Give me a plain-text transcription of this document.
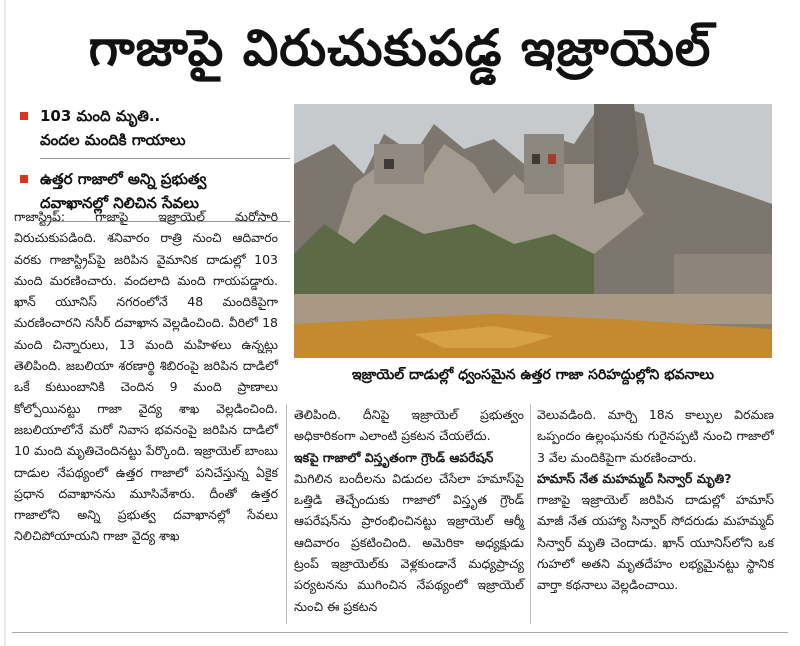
గాజాపై విరుచుకుపడ్డ ఇజ్రాయెల్
103 మంది మృతి..
వందల మందికి గాయాలు
ఉత్తర గాజాలో అన్ని ప్రభుత్వ
దవాఖానల్లో నిలిచిన సేవలు
ఇజ్రాయెల్ దాడుల్లో ధ్వంసమైన ఉత్తర గాజా సరిహద్దుల్లోని భవనాలు

గాజాస్ట్రిప్: గాజాపై ఇజ్రాయెల్ మరోసారి విరుచుకుపడింది. శనివారం రాత్రి నుంచి ఆదివారం వరకు గాజాస్ట్రిప్‌పై జరిపిన వైమానిక దాడుల్లో 103 మంది మరణించారు. వందలాది మంది గాయపడ్డారు. ఖాన్ యూనిస్ నగరంలోనే 48 మందికిపైగా మరణించారని నసీర్ దవాఖాన వెల్లడించింది. వీరిలో 18 మంది చిన్నారులు, 13 మంది మహిళలు ఉన్నట్లు తెలిపింది. జబలియా శరణార్థి శిబిరంపై జరిపిన దాడిలో ఒకే కుటుంబానికి చెందిన 9 మంది ప్రాణాలు కోల్పోయినట్టు గాజా వైద్య శాఖ వెల్లడించింది. జబలియాలోనే మరో నివాస భవనంపై జరిపిన దాడిలో 10 మంది మృతిచెందినట్టు పేర్కొంది. ఇజ్రాయెల్ బాంబు దాడుల నేపథ్యంలో ఉత్తర గాజాలో పనిచేస్తున్న ఏకైక ప్రధాన దవాఖానను మూసివేశారు. దీంతో ఉత్తర గాజాలోని అన్ని ప్రభుత్వ దవాఖానల్లో సేవలు నిలిచిపోయాయని గాజా వైద్య శాఖ

తెలిపింది. దీనిపై ఇజ్రాయెల్ ప్రభుత్వం అధికారికంగా ఎలాంటి ప్రకటన చేయలేదు.

ఇకపై గాజాలో విస్తృతంగా గ్రౌండ్ ఆపరేషన్

మిగిలిన బందీలను విడుదల చేసేలా హమాస్‌పై ఒత్తిడి తెచ్చేందుకు గాజాలో విస్తృత గ్రౌండ్ ఆపరేషన్‌ను ప్రారంభించినట్టు ఇజ్రాయెల్ ఆర్మీ ఆదివారం ప్రకటించింది. అమెరికా అధ్యక్షుడు ట్రంప్ ఇజ్రాయెల్‌కు వెళ్లకుండానే మధ్యప్రాచ్య పర్యటనను ముగించిన నేపథ్యంలో ఇజ్రాయెల్ నుంచి ఈ ప్రకటన

వెలువడింది. మార్చి 18న కాల్పుల విరమణ ఒప్పందం ఉల్లంఘనకు గురైనప్పటి నుంచి గాజాలో 3 వేల మందికిపైగా మరణించారు.

హమాస్ నేత మహమ్మద్ సిన్వార్ మృతి?

గాజాపై ఇజ్రాయెల్ జరిపిన దాడుల్లో హమాస్ మాజీ నేత యహ్యా సిన్వార్ సోదరుడు మహమ్మద్ సిన్వార్ మృతి చెందాడు. ఖాన్ యూనిస్‌లోని ఒక గుహలో అతని మృతదేహం లభ్యమైనట్టు స్థానిక వార్తా కథనాలు వెల్లడించాయి.
